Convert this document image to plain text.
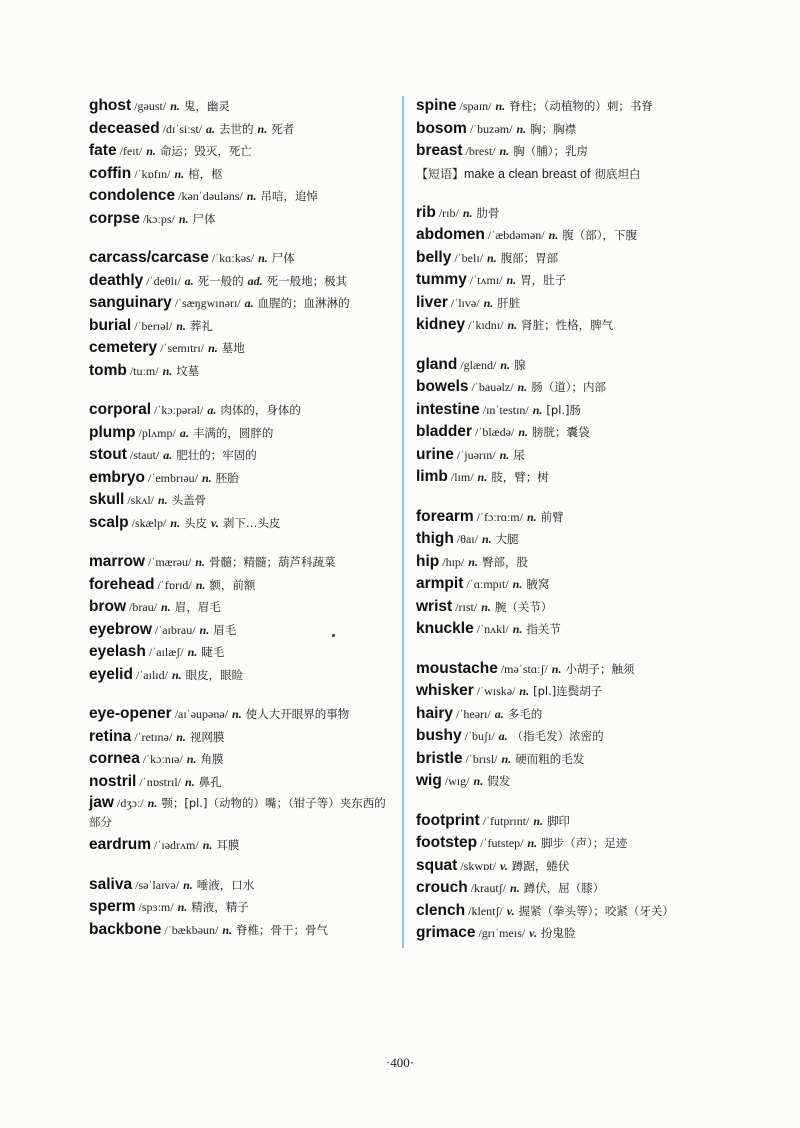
ghost /gəust/ n. 鬼，幽灵
deceased /dɪˈsiːst/ a. 去世的 n. 死者
fate /feɪt/ n. 命运；毁灭，死亡
coffin /ˈkɒfɪn/ n. 棺，柩
condolence /kənˈdəuləns/ n. 吊唁，追悼
corpse /kɔːps/ n. 尸体
carcass/carcase /ˈkɑːkəs/ n. 尸体
deathly /ˈdeθlɪ/ a. 死一般的 ad. 死一般地；极其
sanguinary /ˈsæŋgwɪnərɪ/ a. 血腥的；血淋淋的
burial /ˈberɪəl/ n. 葬礼
cemetery /ˈsemɪtrɪ/ n. 墓地
tomb /tuːm/ n. 坟墓
corporal /ˈkɔːpərəl/ a. 肉体的，身体的
plump /plʌmp/ a. 丰满的，圆胖的
stout /staut/ a. 肥壮的；牢固的
embryo /ˈembrɪəu/ n. 胚胎
skull /skʌl/ n. 头盖骨
scalp /skælp/ n. 头皮 v. 剥下…头皮
marrow /ˈmærəu/ n. 骨髓；精髓；葫芦科蔬菜
forehead /ˈfɒrɪd/ n. 额，前额
brow /brau/ n. 眉，眉毛
eyebrow /ˈaɪbrau/ n. 眉毛
eyelash /ˈaɪlæʃ/ n. 睫毛
eyelid /ˈaɪlɪd/ n. 眼皮，眼睑
eye-opener /aɪˈəupənə/ n. 使人大开眼界的事物
retina /ˈretɪnə/ n. 视网膜
cornea /ˈkɔːnɪə/ n. 角膜
nostril /ˈnɒstrɪl/ n. 鼻孔
jaw /dʒɔː/ n. 颚；[pl.]（动物的）嘴；（钳子等）夹东西的部分
eardrum /ˈɪədrʌm/ n. 耳膜
saliva /səˈlaɪvə/ n. 唾液，口水
sperm /spɜːm/ n. 精液，精子
backbone /ˈbækbəun/ n. 脊椎；骨干；骨气
spine /spaɪn/ n. 脊柱；（动植物的）刺；书脊
bosom /ˈbuzəm/ n. 胸；胸襟
breast /brest/ n. 胸（脯）；乳房
【短语】make a clean breast of 彻底坦白
rib /rɪb/ n. 肋骨
abdomen /ˈæbdəmən/ n. 腹（部），下腹
belly /ˈbelɪ/ n. 腹部；胃部
tummy /ˈtʌmɪ/ n. 胃，肚子
liver /ˈlɪvə/ n. 肝脏
kidney /ˈkɪdnɪ/ n. 肾脏；性格，脾气
gland /glænd/ n. 腺
bowels /ˈbauəlz/ n. 肠（道）；内部
intestine /ɪnˈtestɪn/ n. [pl.]肠
bladder /ˈblædə/ n. 膀胱；囊袋
urine /ˈjuərɪn/ n. 尿
limb /lɪm/ n. 肢，臂；树
forearm /ˈfɔːrɑːm/ n. 前臂
thigh /θaɪ/ n. 大腿
hip /hɪp/ n. 臀部，股
armpit /ˈɑːmpɪt/ n. 腋窝
wrist /rɪst/ n. 腕（关节）
knuckle /ˈnʌkl/ n. 指关节
moustache /məˈstɑːʃ/ n. 小胡子；触须
whisker /ˈwɪskə/ n. [pl.]连鬓胡子
hairy /ˈheərɪ/ a. 多毛的
bushy /ˈbuʃɪ/ a. （指毛发）浓密的
bristle /ˈbrɪsl/ n. 硬而粗的毛发
wig /wɪg/ n. 假发
footprint /ˈfutprɪnt/ n. 脚印
footstep /ˈfutstep/ n. 脚步（声）；足迹
squat /skwɒt/ v. 蹲踞，蜷伏
crouch /krautʃ/ n. 蹲伏，屈（膝）
clench /klentʃ/ v. 握紧（拳头等）；咬紧（牙关）
grimace /grɪˈmeɪs/ v. 扮鬼脸
·400·
